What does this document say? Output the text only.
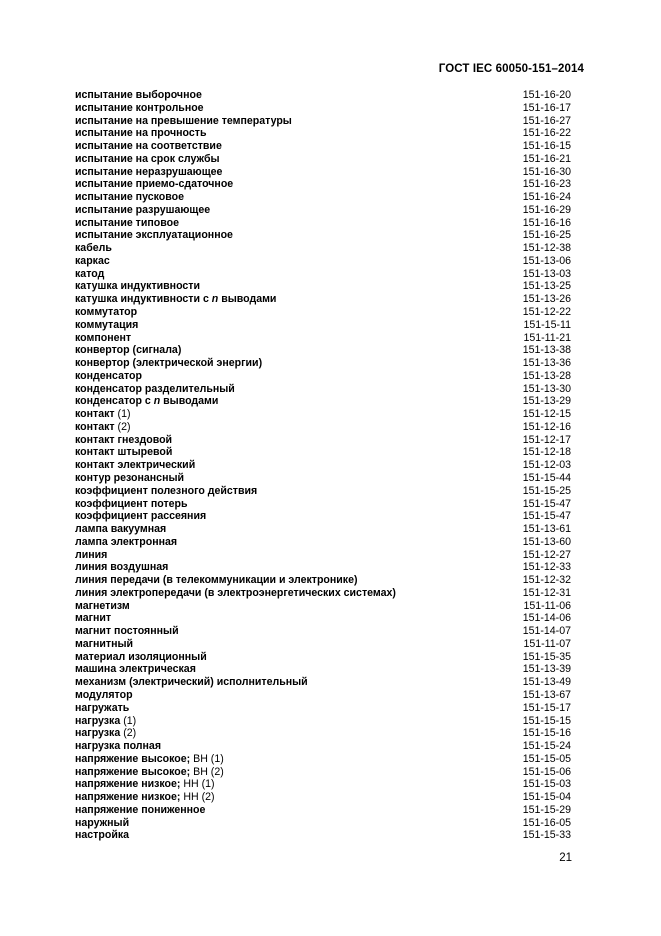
ГОСТ IEC 60050-151–2014
испытание выборочное	151-16-20
испытание контрольное	151-16-17
испытание на превышение температуры	151-16-27
испытание на прочность	151-16-22
испытание на соответствие	151-16-15
испытание на срок службы	151-16-21
испытание неразрушающее	151-16-30
испытание приемо-сдаточное	151-16-23
испытание пусковое	151-16-24
испытание разрушающее	151-16-29
испытание типовое	151-16-16
испытание эксплуатационное	151-16-25
кабель	151-12-38
каркас	151-13-06
катод	151-13-03
катушка индуктивности	151-13-25
катушка индуктивности с n выводами	151-13-26
коммутатор	151-12-22
коммутация	151-15-11
компонент	151-11-21
конвертор (сигнала)	151-13-38
конвертор (электрической энергии)	151-13-36
конденсатор	151-13-28
конденсатор разделительный	151-13-30
конденсатор с n выводами	151-13-29
контакт (1)	151-12-15
контакт (2)	151-12-16
контакт гнездовой	151-12-17
контакт штыревой	151-12-18
контакт электрический	151-12-03
контур резонансный	151-15-44
коэффициент полезного действия	151-15-25
коэффициент потерь	151-15-47
коэффициент рассеяния	151-15-47
лампа вакуумная	151-13-61
лампа электронная	151-13-60
линия	151-12-27
линия воздушная	151-12-33
линия передачи (в телекоммуникации и электронике)	151-12-32
линия электропередачи (в электроэнергетических системах)	151-12-31
магнетизм	151-11-06
магнит	151-14-06
магнит постоянный	151-14-07
магнитный	151-11-07
материал изоляционный	151-15-35
машина электрическая	151-13-39
механизм (электрический) исполнительный	151-13-49
модулятор	151-13-67
нагружать	151-15-17
нагрузка (1)	151-15-15
нагрузка (2)	151-15-16
нагрузка полная	151-15-24
напряжение высокое; ВН (1)	151-15-05
напряжение высокое; ВН (2)	151-15-06
напряжение низкое; НН (1)	151-15-03
напряжение низкое; НН (2)	151-15-04
напряжение пониженное	151-15-29
наружный	151-16-05
настройка	151-15-33
21
